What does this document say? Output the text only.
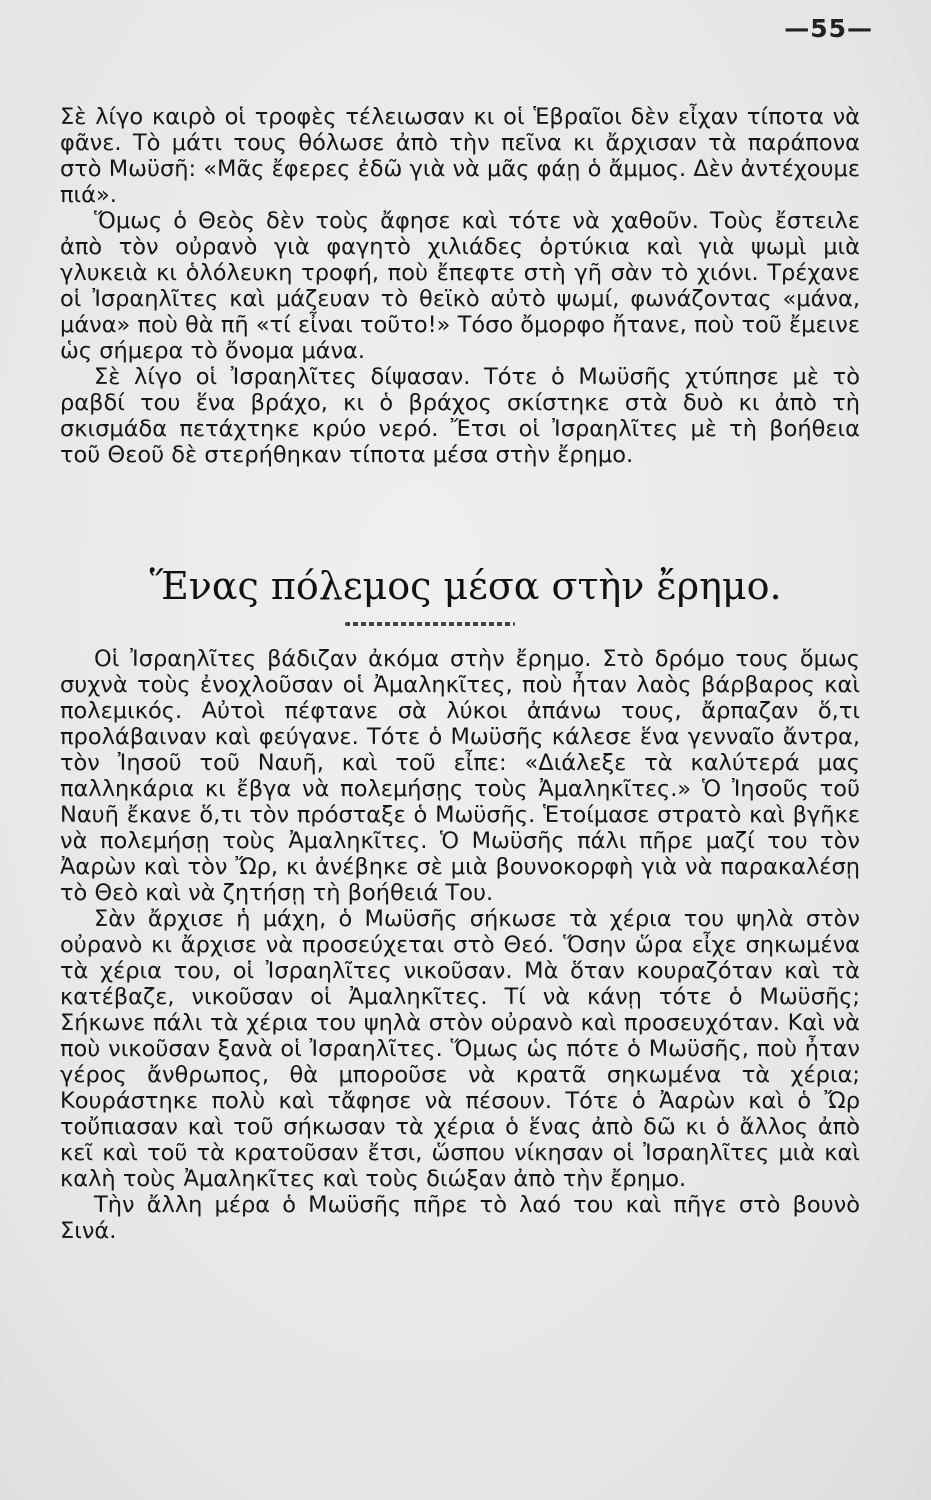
—55—

Σὲ λίγο καιρὸ οἱ τροφὲς τέλειωσαν κι οἱ Ἑβραῖοι δὲν εἶχαν τίποτα νὰ φᾶνε. Τὸ μάτι τους θόλωσε ἀπὸ τὴν πεῖνα κι ἄρχισαν τὰ παράπονα στὸ Μωϋσῆ: «Μᾶς ἔφερες ἐδῶ γιὰ νὰ μᾶς φάῃ ὁ ἄμμος. Δὲν ἀντέχουμε πιά».

Ὅμως ὁ Θεὸς δὲν τοὺς ἄφησε καὶ τότε νὰ χαθοῦν. Τοὺς ἔστειλε ἀπὸ τὸν οὐρανὸ γιὰ φαγητὸ χιλιάδες ὀρτύκια καὶ γιὰ ψωμὶ μιὰ γλυκειὰ κι ὁλόλευκη τροφή, ποὺ ἔπεφτε στὴ γῆ σὰν τὸ χιόνι. Τρέχανε οἱ Ἰσραηλῖτες καὶ μάζευαν τὸ θεϊκὸ αὐτὸ ψωμί, φωνάζοντας «μάνα, μάνα» ποὺ θὰ πῆ «τί εἶναι τοῦτο!» Τόσο ὄμορφο ἤτανε, ποὺ τοῦ ἔμεινε ὡς σήμερα τὸ ὄνομα μάνα.

Σὲ λίγο οἱ Ἰσραηλῖτες δίψασαν. Τότε ὁ Μωϋσῆς χτύπησε μὲ τὸ ραβδί του ἕνα βράχο, κι ὁ βράχος σκίστηκε στὰ δυὸ κι ἀπὸ τὴ σκισμάδα πετάχτηκε κρύο νερό. Ἔτσι οἱ Ἰσραηλῖτες μὲ τὴ βοήθεια τοῦ Θεοῦ δὲ στερήθηκαν τίποτα μέσα στὴν ἔρημο.

Ἕνας πόλεμος μέσα στὴν ἔρημο.

Οἱ Ἰσραηλῖτες βάδιζαν ἀκόμα στὴν ἔρημο. Στὸ δρόμο τους ὅμως συχνὰ τοὺς ἐνοχλοῦσαν οἱ Ἀμαληκῖτες, ποὺ ἦταν λαὸς βάρβαρος καὶ πολεμικός. Αὐτοὶ πέφτανε σὰ λύκοι ἀπάνω τους, ἄρπαζαν ὅ,τι προλάβαιναν καὶ φεύγανε. Τότε ὁ Μωϋσῆς κάλεσε ἕνα γενναῖο ἄντρα, τὸν Ἰησοῦ τοῦ Ναυῆ, καὶ τοῦ εἶπε: «Διάλεξε τὰ καλύτερά μας παλληκάρια κι ἔβγα νὰ πολεμήσῃς τοὺς Ἀμαληκῖτες.» Ὁ Ἰησοῦς τοῦ Ναυῆ ἔκανε ὅ,τι τὸν πρόσταξε ὁ Μωϋσῆς. Ἑτοίμασε στρατὸ καὶ βγῆκε νὰ πολεμήσῃ τοὺς Ἀμαληκῖτες. Ὁ Μωϋσῆς πάλι πῆρε μαζί του τὸν Ἀαρὼν καὶ τὸν Ὤρ, κι ἀνέβηκε σὲ μιὰ βουνοκορφὴ γιὰ νὰ παρακαλέσῃ τὸ Θεὸ καὶ νὰ ζητήσῃ τὴ βοήθειά Του.

Σὰν ἄρχισε ἡ μάχη, ὁ Μωϋσῆς σήκωσε τὰ χέρια του ψηλὰ στὸν οὐρανὸ κι ἄρχισε νὰ προσεύχεται στὸ Θεό. Ὅσην ὥρα εἶχε σηκωμένα τὰ χέρια του, οἱ Ἰσραηλῖτες νικοῦσαν. Μὰ ὅταν κουραζόταν καὶ τὰ κατέβαζε, νικοῦσαν οἱ Ἀμαληκῖτες. Τί νὰ κάνῃ τότε ὁ Μωϋσῆς; Σήκωνε πάλι τὰ χέρια του ψηλὰ στὸν οὐρανὸ καὶ προσευχόταν. Καὶ νὰ ποὺ νικοῦσαν ξανὰ οἱ Ἰσραηλῖτες. Ὅμως ὡς πότε ὁ Μωϋσῆς, ποὺ ἦταν γέρος ἄνθρωπος, θὰ μποροῦσε νὰ κρατᾶ σηκωμένα τὰ χέρια; Κουράστηκε πολὺ καὶ τἄφησε νὰ πέσουν. Τότε ὁ Ἀαρὼν καὶ ὁ Ὤρ τοὔπιασαν καὶ τοῦ σήκωσαν τὰ χέρια ὁ ἕνας ἀπὸ δῶ κι ὁ ἄλλος ἀπὸ κεῖ καὶ τοῦ τὰ κρατοῦσαν ἔτσι, ὥσπου νίκησαν οἱ Ἰσραηλῖτες μιὰ καὶ καλὴ τοὺς Ἀμαληκῖτες καὶ τοὺς διώξαν ἀπὸ τὴν ἔρημο.

Τὴν ἄλλη μέρα ὁ Μωϋσῆς πῆρε τὸ λαό του καὶ πῆγε στὸ βουνὸ Σινά.
